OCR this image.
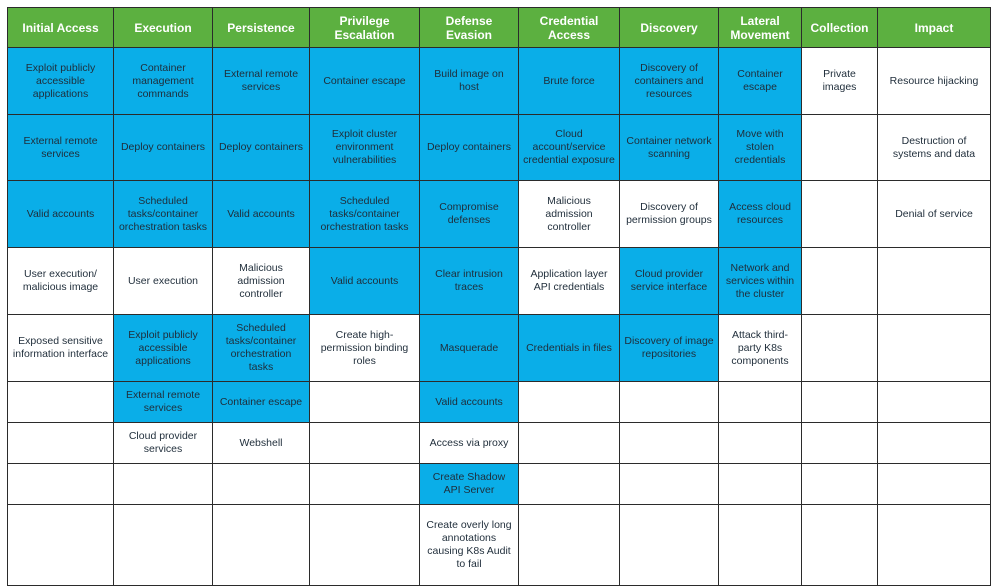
Initial Access	Execution	Persistence	Privilege Escalation	Defense Evasion	Credential Access	Discovery	Lateral Movement	Collection	Impact
Exploit publicly accessible applications	Container management commands	External remote services	Container escape	Build image on host	Brute force	Discovery of containers and resources	Container escape	Private images	Resource hijacking
External remote services	Deploy containers	Deploy containers	Exploit cluster environment vulnerabilities	Deploy containers	Cloud account/service credential exposure	Container network scanning	Move with stolen credentials		Destruction of systems and data
Valid accounts	Scheduled tasks/container orchestration tasks	Valid accounts	Scheduled tasks/container orchestration tasks	Compromise defenses	Malicious admission controller	Discovery of permission groups	Access cloud resources		Denial of service
User execution/ malicious image	User execution	Malicious admission controller	Valid accounts	Clear intrusion traces	Application layer API credentials	Cloud provider service interface	Network and services within the cluster		
Exposed sensitive information interface	Exploit publicly accessible applications	Scheduled tasks/container orchestration tasks	Create high-permission binding roles	Masquerade	Credentials in files	Discovery of image repositories	Attack third-party K8s components		
	External remote services	Container escape		Valid accounts					
	Cloud provider services	Webshell		Access via proxy					
				Create Shadow API Server					
				Create overly long annotations causing K8s Audit to fail					
